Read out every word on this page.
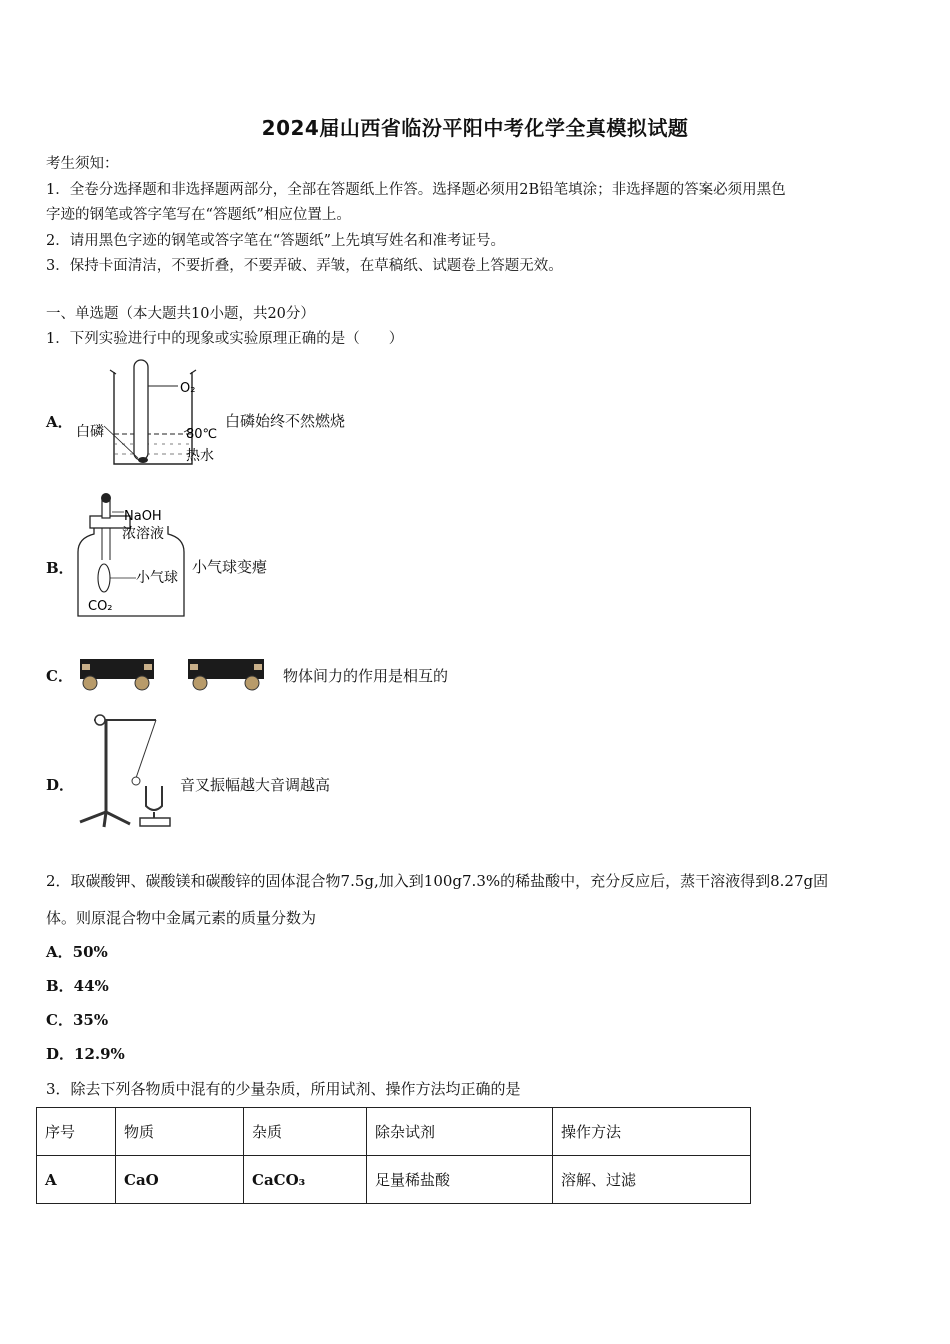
2024届山西省临汾平阳中考化学全真模拟试题
考生须知：
1．全卷分选择题和非选择题两部分，全部在答题纸上作答。选择题必须用2B铅笔填涂；非选择题的答案必须用黑色
字迹的钢笔或答字笔写在“答题纸”相应位置上。
2．请用黑色字迹的钢笔或答字笔在“答题纸”上先填写姓名和准考证号。
3．保持卡面清洁，不要折叠，不要弄破、弄皱，在草稿纸、试题卷上答题无效。
一、单选题（本大题共10小题，共20分）
1．下列实验进行中的现象或实验原理正确的是（　　）
A．
O₂
白磷	80℃
热水
白磷始终不然燃烧
B．
NaOH
浓溶液
小气球
CO₂
小气球变瘪
C．	物体间力的作用是相互的
D．	音叉振幅越大音调越高
2．取碳酸钾、碳酸镁和碳酸锌的固体混合物7.5g,加入到100g7.3%的稀盐酸中，充分反应后，蒸干溶液得到8.27g固
体。则原混合物中金属元素的质量分数为
A．50%
B．44%
C．35%
D．12.9%
3．除去下列各物质中混有的少量杂质，所用试剂、操作方法均正确的是
序号	物质	杂质	除杂试剂	操作方法
A	CaO	CaCO₃	足量稀盐酸	溶解、过滤
